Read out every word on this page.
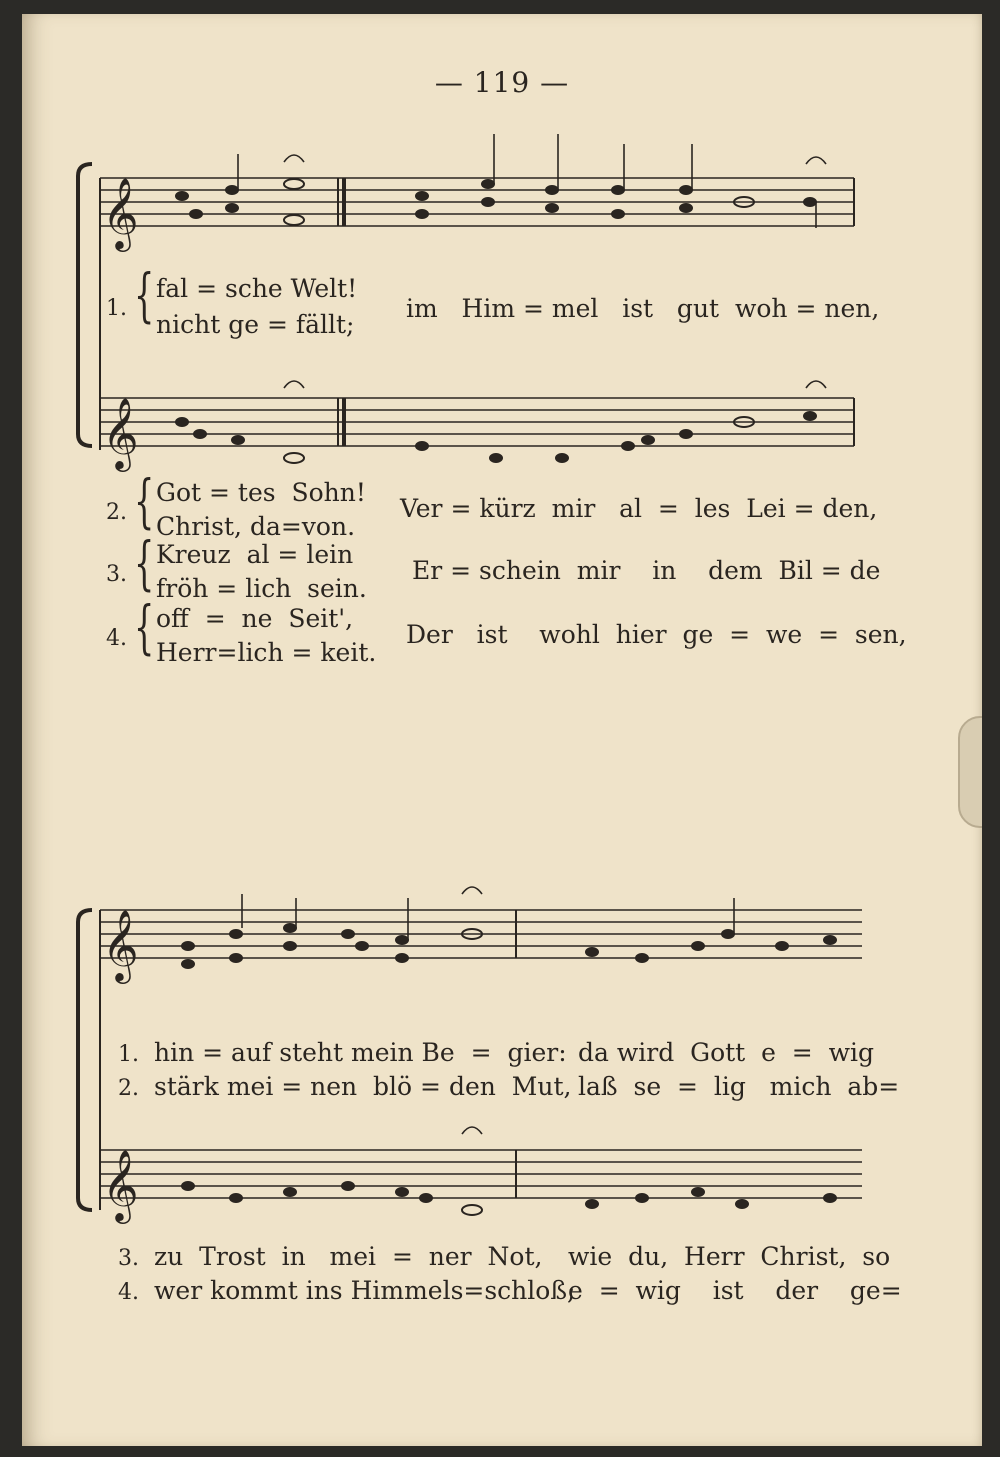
— 119 —
𝄞
𝄞
𝄞
𝄞
1. { fal = sche Welt!
nicht ge = fällt;
im   Him = mel   ist   gut  woh = nen,
2. { Got = tes  Sohn!
Christ, da=von.
Ver = kürz  mir   al  =  les  Lei = den,
3. { Kreuz  al = lein
fröh = lich  sein.
Er = schein  mir    in    dem  Bil = de
4. { off  =  ne  Seit',
Herr=lich = keit.
Der   ist    wohl  hier  ge  =  we  =  sen,
1. hin = auf steht mein Be  =  gier: da wird  Gott  e  =  wig
2. stärk mei = nen  blö = den  Mut, laß  se  =  lig   mich  ab=
3. zu  Trost  in   mei  =  ner  Not, wie  du,  Herr  Christ,  so
4. wer kommt ins Himmels=schloß;
e  =  wig    ist    der    ge=
